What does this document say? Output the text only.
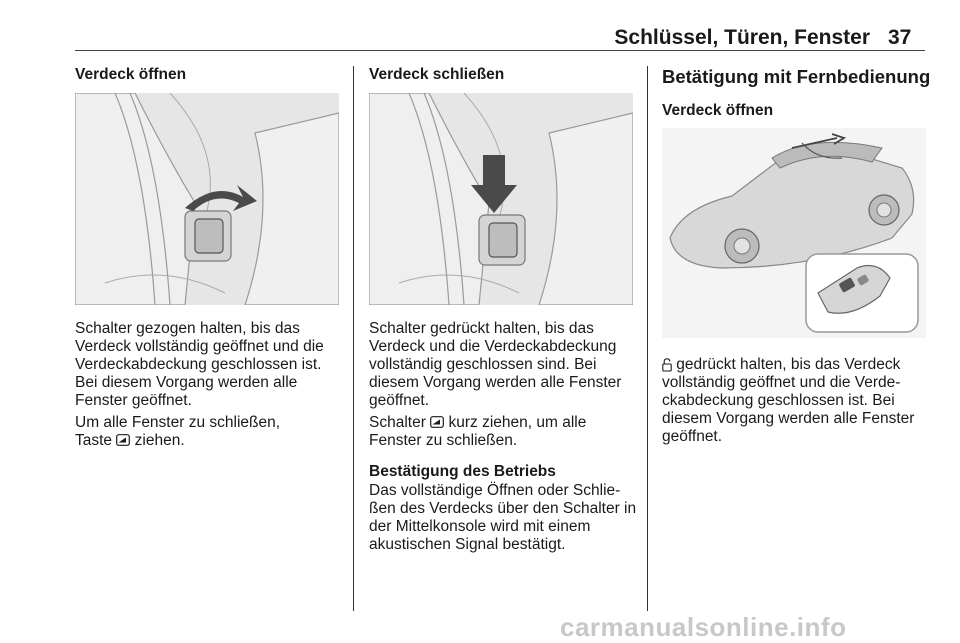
Schlüssel, Türen, Fenster 37
Verdeck öffnen

Schalter gezogen halten, bis das Verdeck vollständig geöffnet und die Verdeckabdeckung geschlossen ist. Bei diesem Vorgang werden alle Fenster geöffnet.

Um alle Fenster zu schließen,
Taste
ziehen.

Verdeck schließen

Schalter gedrückt halten, bis das Verdeck und die Verdeckabdeckung vollständig geschlossen sind. Bei diesem Vorgang werden alle Fenster geöffnet.

Schalter
kurz ziehen, um alle Fenster zu schließen.

Bestätigung des Betriebs

Das vollständige Öffnen oder Schlie-ßen des Verdecks über den Schalter in der Mittelkonsole wird mit einem akustischen Signal bestätigt.

Betätigung mit Fernbedienung
Verdeck öffnen

gedrückt halten, bis das Verdeck vollständig geöffnet und die Verde-ckabdeckung geschlossen ist. Bei diesem Vorgang werden alle Fenster geöffnet.

carmanualsonline.info
